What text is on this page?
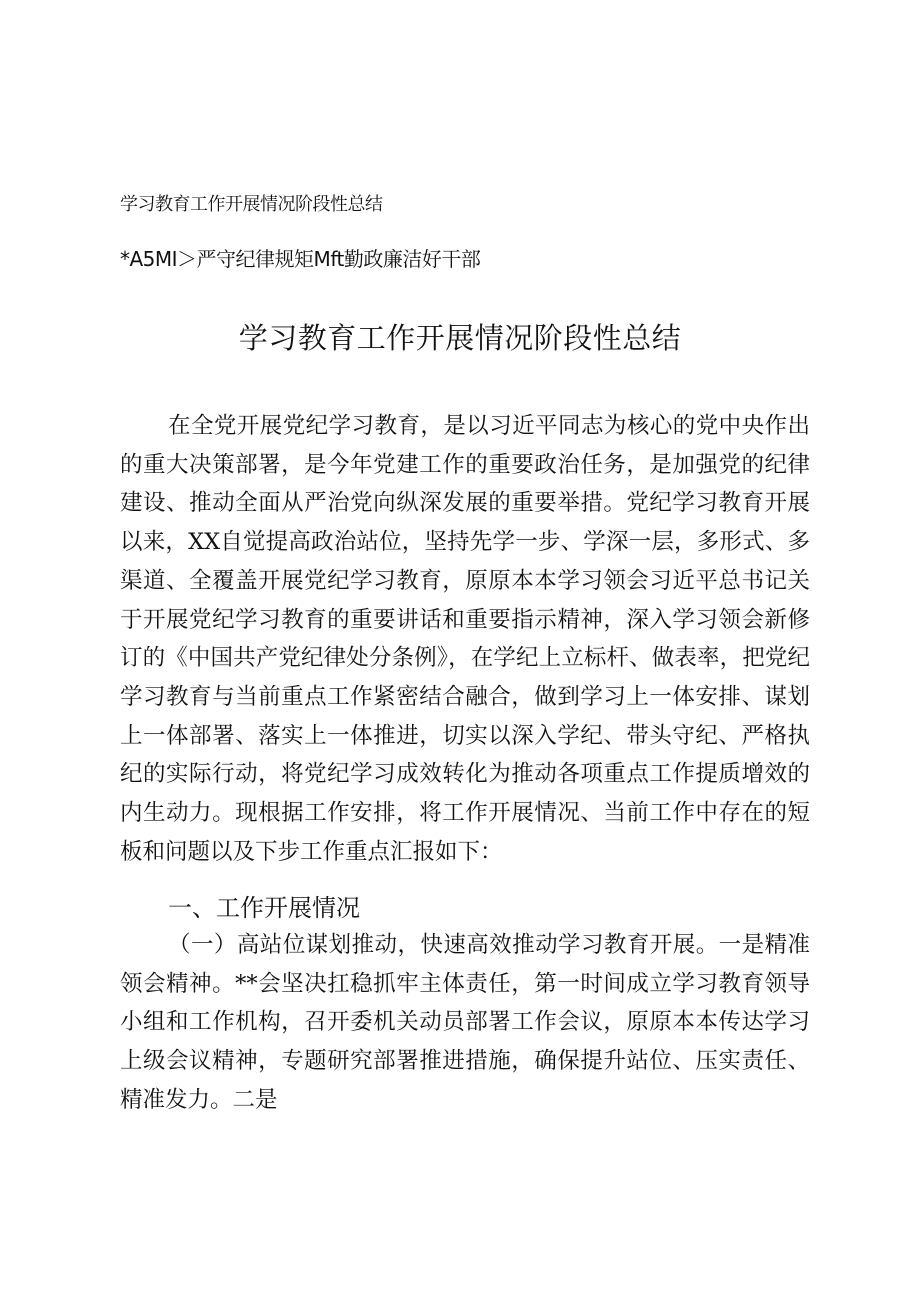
学习教育工作开展情况阶段性总结
*A5MI＞严守纪律规矩Mft勤政廉洁好干部
学习教育工作开展情况阶段性总结

在全党开展党纪学习教育，是以习近平同志为核心的党中央作出的重大决策部署，是今年党建工作的重要政治任务，是加强党的纪律建设、推动全面从严治党向纵深发展的重要举措。党纪学习教育开展以来，XX自觉提高政治站位，坚持先学一步、学深一层，多形式、多渠道、全覆盖开展党纪学习教育，原原本本学习领会习近平总书记关于开展党纪学习教育的重要讲话和重要指示精神，深入学习领会新修订的《中国共产党纪律处分条例》，在学纪上立标杆、做表率，把党纪学习教育与当前重点工作紧密结合融合，做到学习上一体安排、谋划上一体部署、落实上一体推进，切实以深入学纪、带头守纪、严格执纪的实际行动，将党纪学习成效转化为推动各项重点工作提质增效的内生动力。现根据工作安排，将工作开展情况、当前工作中存在的短板和问题以及下步工作重点汇报如下：

一、工作开展情况

（一）高站位谋划推动，快速高效推动学习教育开展。一是精准领会精神。**会坚决扛稳抓牢主体责任，第一时间成立学习教育领导小组和工作机构，召开委机关动员部署工作会议，原原本本传达学习上级会议精神，专题研究部署推进措施，确保提升站位、压实责任、精准发力。二是
